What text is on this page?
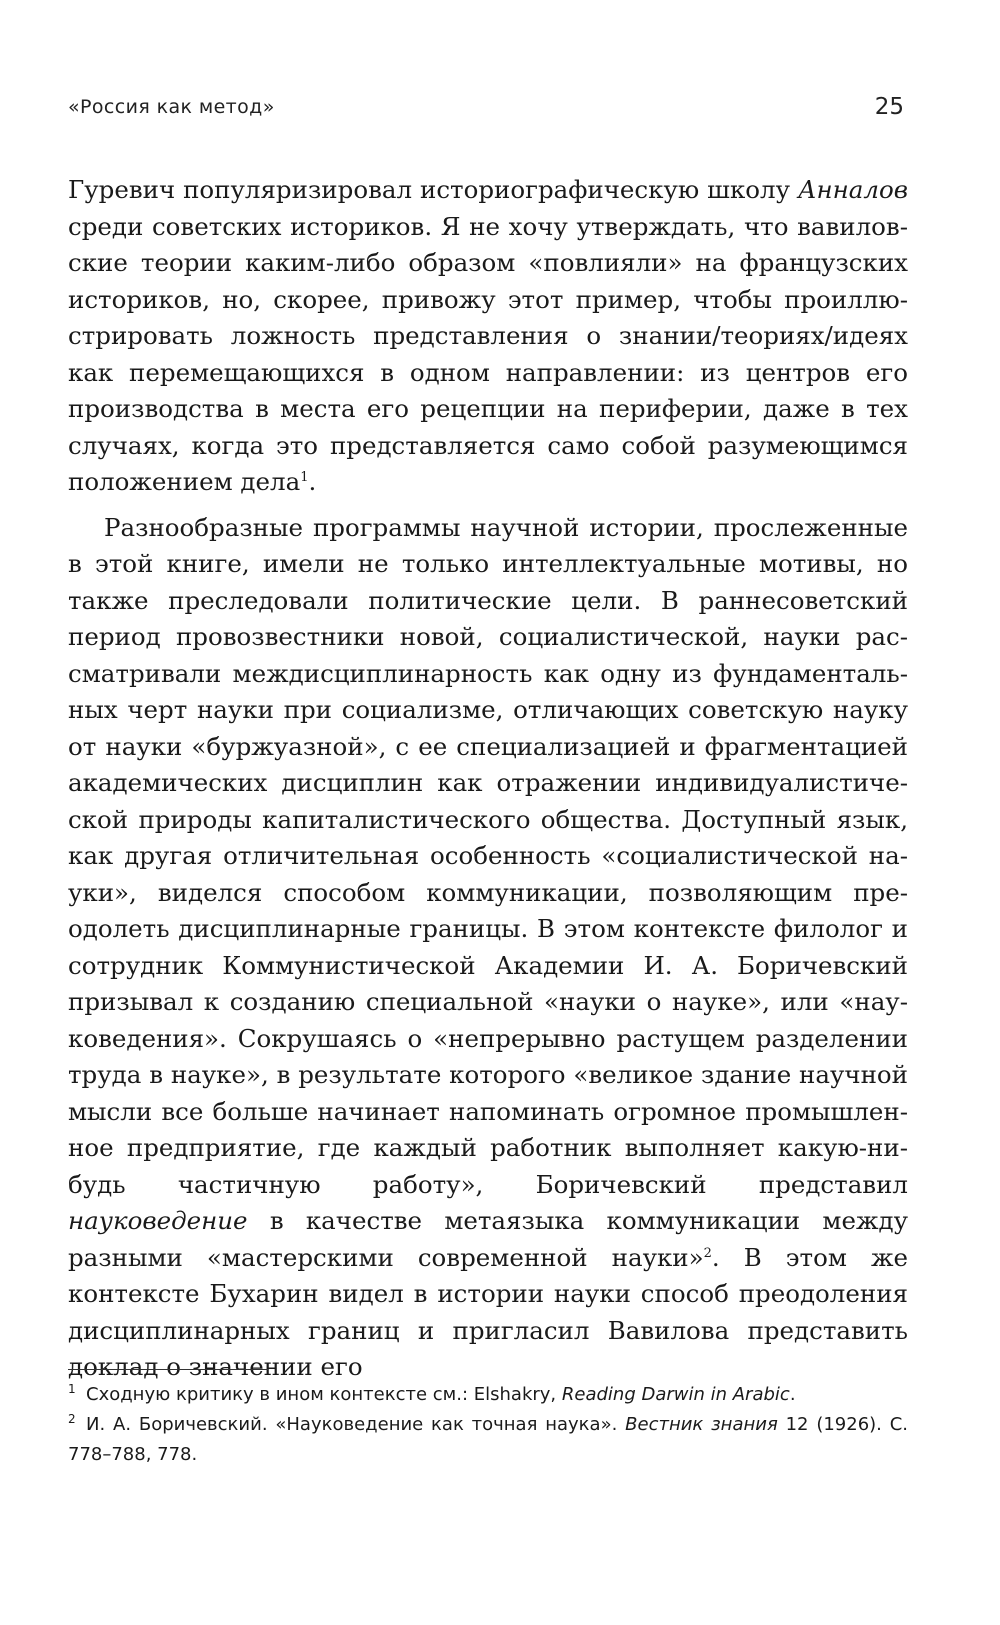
«Россия как метод»	25

Гуревич популяризировал историографическую школу Анналов среди советских историков. Я не хочу утверждать, что вавиловские теории каким-либо образом «повлияли» на французских историков, но, скорее, привожу этот пример, чтобы проиллюстрировать ложность представления о знании/теориях/идеях как перемещающихся в одном направлении: из центров его производства в места его рецепции на периферии, даже в тех случаях, когда это представляется само собой разумеющимся положением дела$^1$.

Разнообразные программы научной истории, прослеженные в этой книге, имели не только интеллектуальные мотивы, но также преследовали политические цели. В раннесоветский период провозвестники новой, социалистической, науки рассматривали междисциплинарность как одну из фундаментальных черт науки при социализме, отличающих советскую науку от науки «буржуазной», с ее специализацией и фрагментацией академических дисциплин как отражении индивидуалистической природы капиталистического общества. Доступный язык, как другая отличительная особенность «социалистической науки», виделся способом коммуникации, позволяющим преодолеть дисциплинарные границы. В этом контексте филолог и сотрудник Коммунистической Академии И. А. Боричевский призывал к созданию специальной «науки о науке», или «науковедения». Сокрушаясь о «непрерывно растущем разделении труда в науке», в результате которого «великое здание научной мысли все больше начинает напоминать огромное промышленное предприятие, где каждый работник выполняет какую-нибудь частичную работу», Боричевский представил науковедение в качестве метаязыка коммуникации между разными «мастерскими современной науки»$^2$. В этом же контексте Бухарин видел в истории науки способ преодоления дисциплинарных границ и пригласил Вавилова представить доклад о значении его

1 Сходную критику в ином контексте см.: Elshakry, Reading Darwin in Arabic.

2 И. А. Боричевский. «Науковедение как точная наука». Вестник знания 12 (1926). С. 778–788, 778.
